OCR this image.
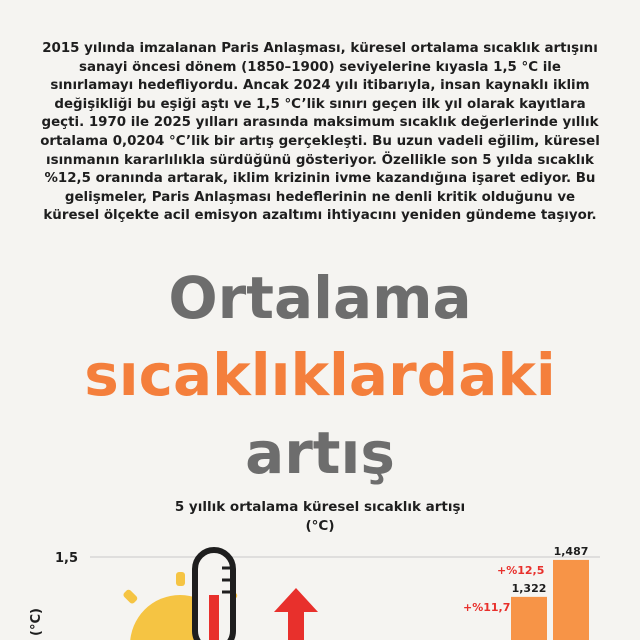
2015 yılında imzalanan Paris Anlaşması, küresel ortalama sıcaklık artışını sanayi öncesi dönem (1850–1900) seviyelerine kıyasla 1,5 °C ile sınırlamayı hedefliyordu. Ancak 2024 yılı itibarıyla, insan kaynaklı iklim değişikliği bu eşiği aştı ve 1,5 °C’lik sınırı geçen ilk yıl olarak kayıtlara geçti. 1970 ile 2025 yılları arasında maksimum sıcaklık değerlerinde yıllık ortalama 0,0204 °C’lik bir artış gerçekleşti. Bu uzun vadeli eğilim, küresel ısınmanın kararlılıkla sürdüğünü gösteriyor. Özellikle son 5 yılda sıcaklık %12,5 oranında artarak, iklim krizinin ivme kazandığına işaret ediyor. Bu gelişmeler, Paris Anlaşması hedeflerinin ne denli kritik olduğunu ve küresel ölçekte acil emisyon azaltımı ihtiyacını yeniden gündeme taşıyor.

Ortalama
sıcaklıklardaki
artış
5 yıllık ortalama küresel sıcaklık artışı (°C)
1,5
(°C)
1,322
+%11,7
1,487
+%12,5
